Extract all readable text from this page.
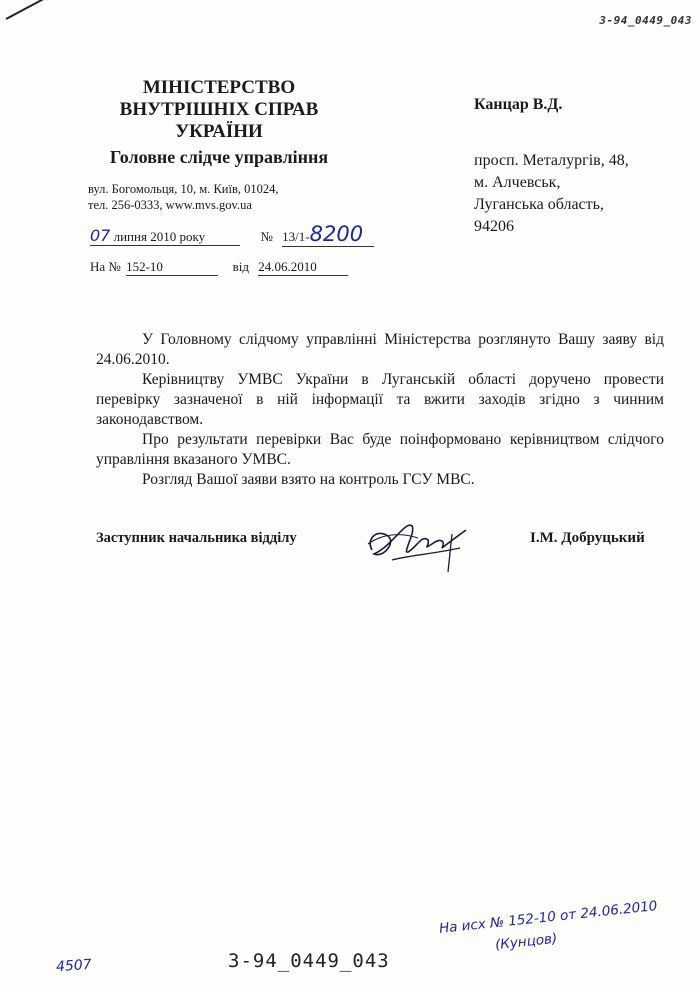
3-94_0449_043
МІНІСТЕРСТВО
ВНУТРІШНІХ СПРАВ
УКРАЇНИ
Головне слідче управління
вул. Богомольця, 10, м. Київ, 01024,
тел. 256-0333, www.mvs.gov.ua
07 липня 2010 року	№ 13/1-8200
На № 152-10	від 24.06.2010
Канцар В.Д.
просп. Металургів, 48,
м. Алчевськ,
Луганська область,
94206

У Головному слідчому управлінні Міністерства розглянуто Вашу заяву від 24.06.2010.

Керівництву УМВС України в Луганській області доручено провести перевірку зазначеної в ній інформації та вжити заходів згідно з чинним законодавством.

Про результати перевірки Вас буде поінформовано керівництвом слідчого управління вказаного УМВС.

Розгляд Вашої заяви взято на контроль ГСУ МВС.

Заступник начальника відділу	І.М. Добруцький
4507	3-94_0449_043
На исх № 152-10 от 24.06.2010
(Кунцов)
